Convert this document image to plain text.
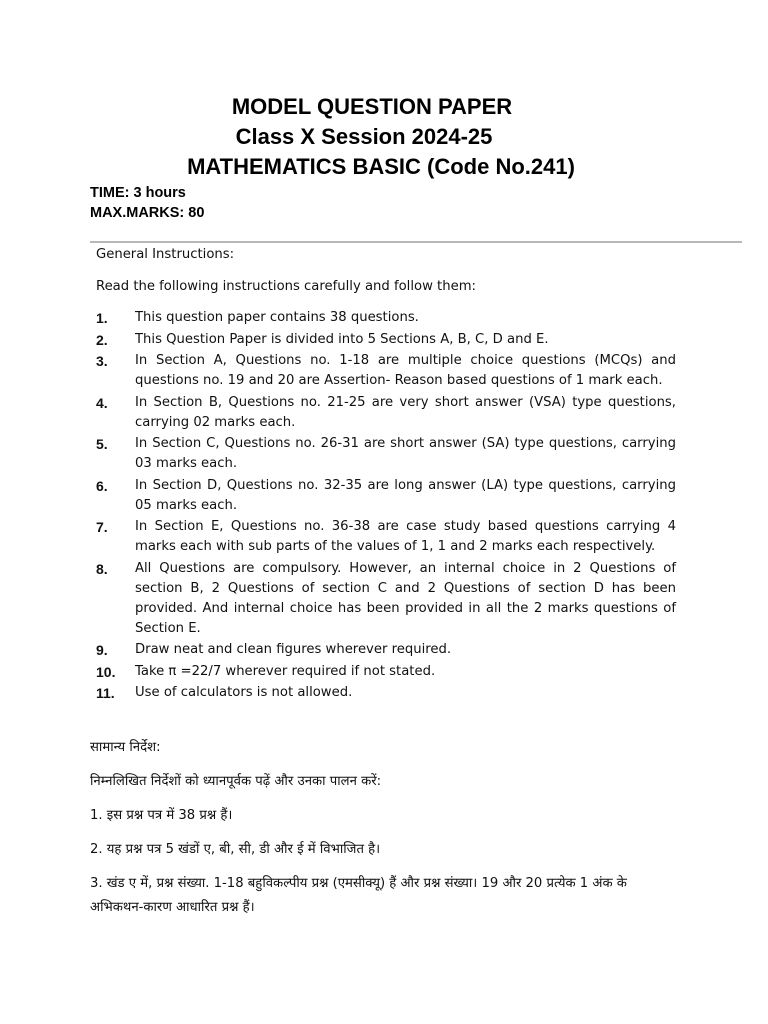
MODEL QUESTION PAPER
Class X Session 2024-25
MATHEMATICS BASIC (Code No.241)
TIME: 3 hours
MAX.MARKS: 80
General Instructions:
Read the following instructions carefully and follow them:
1.	This question paper contains 38 questions.
2.	This Question Paper is divided into 5 Sections A, B, C, D and E.
3.	In Section A, Questions no. 1-18 are multiple choice questions (MCQs) and questions no. 19 and 20 are Assertion- Reason based questions of 1 mark each.
4.	In Section B, Questions no. 21-25 are very short answer (VSA) type questions, carrying 02 marks each.
5.	In Section C, Questions no. 26-31 are short answer (SA) type questions, carrying 03 marks each.
6.	In Section D, Questions no. 32-35 are long answer (LA) type questions, carrying 05 marks each.
7.	In Section E, Questions no. 36-38 are case study based questions carrying 4 marks each with sub parts of the values of 1, 1 and 2 marks each respectively.
8.	All Questions are compulsory. However, an internal choice in 2 Questions of section B, 2 Questions of section C and 2 Questions of section D has been provided. And internal choice has been provided in all the 2 marks questions of Section E.
9.	Draw neat and clean figures wherever required.
10.	Take π =22/7 wherever required if not stated.
11.	Use of calculators is not allowed.
सामान्य निर्देश:
निम्नलिखित निर्देशों को ध्यानपूर्वक पढ़ें और उनका पालन करें:
1. इस प्रश्न पत्र में 38 प्रश्न हैं।
2. यह प्रश्न पत्र 5 खंडों ए, बी, सी, डी और ई में विभाजित है।
3. खंड ए में, प्रश्न संख्या. 1-18 बहुविकल्पीय प्रश्न (एमसीक्यू) हैं और प्रश्न संख्या। 19 और 20 प्रत्येक 1 अंक के
अभिकथन-कारण आधारित प्रश्न हैं।
